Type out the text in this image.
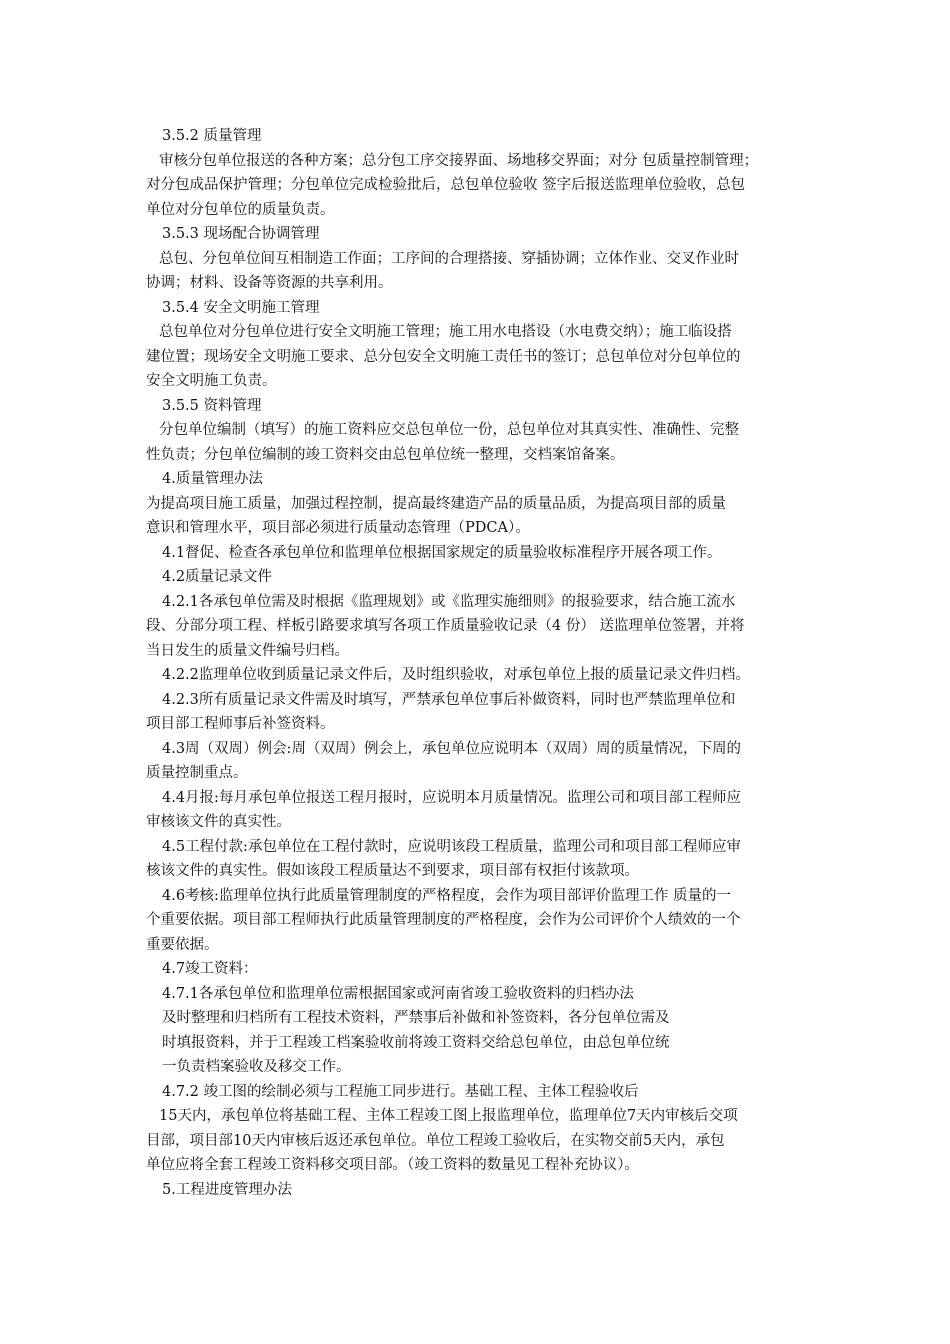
3.5.2 质量管理
审核分包单位报送的各种方案；总分包工序交接界面、场地移交界面；对分 包质量控制管理；
对分包成品保护管理；分包单位完成检验批后，总包单位验收 签字后报送监理单位验收，总包
单位对分包单位的质量负责。
3.5.3 现场配合协调管理
总包、分包单位间互相制造工作面；工序间的合理搭接、穿插协调；立体作业、交叉作业时
协调；材料、设备等资源的共享利用。
3.5.4 安全文明施工管理
总包单位对分包单位进行安全文明施工管理；施工用水电搭设（水电费交纳）；施工临设搭
建位置；现场安全文明施工要求、总分包安全文明施工责任书的签订；总包单位对分包单位的
安全文明施工负责。
3.5.5 资料管理
分包单位编制（填写）的施工资料应交总包单位一份，总包单位对其真实性、准确性、完整
性负责；分包单位编制的竣工资料交由总包单位统一整理，交档案馆备案。
4.质量管理办法
为提高项目施工质量，加强过程控制，提高最终建造产品的质量品质，为提高项目部的质量
意识和管理水平，项目部必须进行质量动态管理（PDCA）。
4.1督促、检查各承包单位和监理单位根据国家规定的质量验收标准程序开展各项工作。
4.2质量记录文件
4.2.1各承包单位需及时根据《监理规划》或《监理实施细则》的报验要求，结合施工流水
段、分部分项工程、样板引路要求填写各项工作质量验收记录（4 份） 送监理单位签署，并将
当日发生的质量文件编号归档。
4.2.2监理单位收到质量记录文件后，及时组织验收，对承包单位上报的质量记录文件归档。
4.2.3所有质量记录文件需及时填写，严禁承包单位事后补做资料，同时也严禁监理单位和
项目部工程师事后补签资料。
4.3周（双周）例会:周（双周）例会上，承包单位应说明本（双周）周的质量情况，下周的
质量控制重点。
4.4月报:每月承包单位报送工程月报时，应说明本月质量情况。监理公司和项目部工程师应
审核该文件的真实性。
4.5工程付款:承包单位在工程付款时，应说明该段工程质量，监理公司和项目部工程师应审
核该文件的真实性。假如该段工程质量达不到要求，项目部有权拒付该款项。
4.6考核:监理单位执行此质量管理制度的严格程度，会作为项目部评价监理工作 质量的一
个重要依据。项目部工程师执行此质量管理制度的严格程度，会作为公司评价个人绩效的一个
重要依据。
4.7竣工资料：
4.7.1各承包单位和监理单位需根据国家或河南省竣工验收资料的归档办法
及时整理和归档所有工程技术资料，严禁事后补做和补签资料，各分包单位需及
时填报资料，并于工程竣工档案验收前将竣工资料交给总包单位，由总包单位统
一负责档案验收及移交工作。
4.7.2 竣工图的绘制必须与工程施工同步进行。基础工程、主体工程验收后
15天内，承包单位将基础工程、主体工程竣工图上报监理单位，监理单位7天内审核后交项
目部，项目部10天内审核后返还承包单位。单位工程竣工验收后，在实物交前5天内，承包
单位应将全套工程竣工资料移交项目部。（竣工资料的数量见工程补充协议）。
5.工程进度管理办法
